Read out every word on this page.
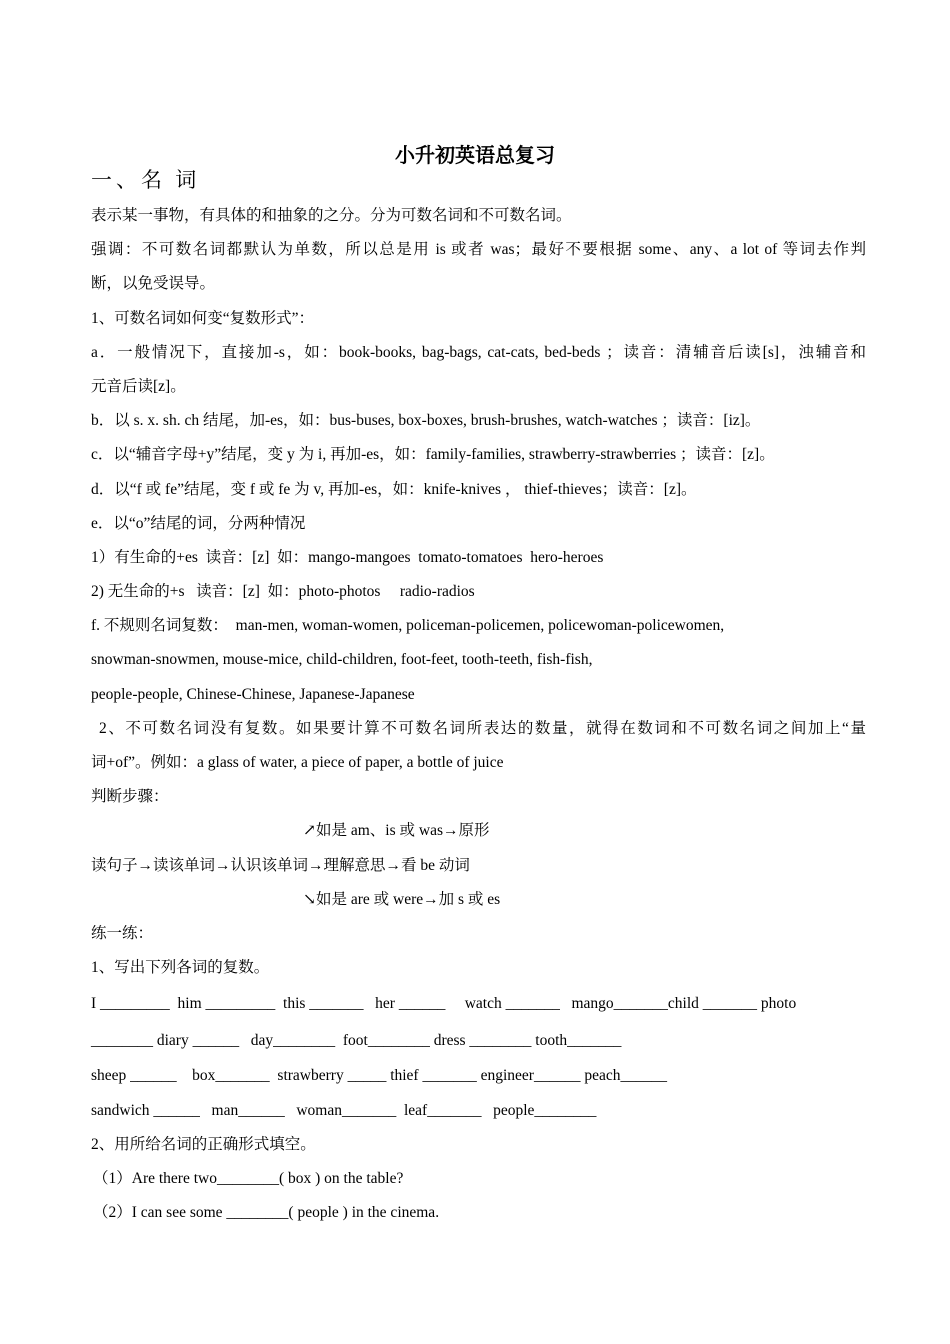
小升初英语总复习
一、名 词
表示某一事物，有具体的和抽象的之分。分为可数名词和不可数名词。
强调：不可数名词都默认为单数，所以总是用 is 或者 was；最好不要根据 some、any、a lot of 等词去作判
断，以免受误导。
1、可数名词如何变“复数形式”：
a．一般情况下，直接加-s，如：book-books, bag-bags, cat-cats, bed-beds ；读音：清辅音后读[s]，浊辅音和
元音后读[z]。
b．以 s. x. sh. ch 结尾，加-es，如：bus-buses, box-boxes, brush-brushes, watch-watches ；读音：[iz]。
c．以“辅音字母+y”结尾，变 y 为 i, 再加-es，如：family-families, strawberry-strawberries ；读音：[z]。
d．以“f 或 fe”结尾，变 f 或 fe 为 v, 再加-es，如：knife-knives ， thief-thieves；读音：[z]。
e．以“o”结尾的词，分两种情况
1）有生命的+es  读音：[z]  如：mango-mangoes  tomato-tomatoes  hero-heroes
2) 无生命的+s   读音：[z]  如：photo-photos     radio-radios
f. 不规则名词复数：  man-men, woman-women, policeman-policemen, policewoman-policewomen,
snowman-snowmen, mouse-mice, child-children, foot-feet, tooth-teeth, fish-fish,
people-people, Chinese-Chinese, Japanese-Japanese
2、不可数名词没有复数。如果要计算不可数名词所表达的数量，就得在数词和不可数名词之间加上“量
词+of”。例如：a glass of water, a piece of paper, a bottle of juice
判断步骤：
↗如是 am、is 或 was→原形
读句子→读该单词→认识该单词→理解意思→看 be 动词
↘如是 are 或 were→加 s 或 es
练一练：
1、写出下列各词的复数。
I _________  him _________  this _______   her ______     watch _______   mango_______child _______ photo
________ diary ______   day________  foot________ dress ________ tooth_______
sheep ______    box_______  strawberry _____ thief _______ engineer______ peach______
sandwich ______   man______   woman_______  leaf_______   people________
2、用所给名词的正确形式填空。
（1）Are there two________( box ) on the table?
（2）I can see some ________( people ) in the cinema.
